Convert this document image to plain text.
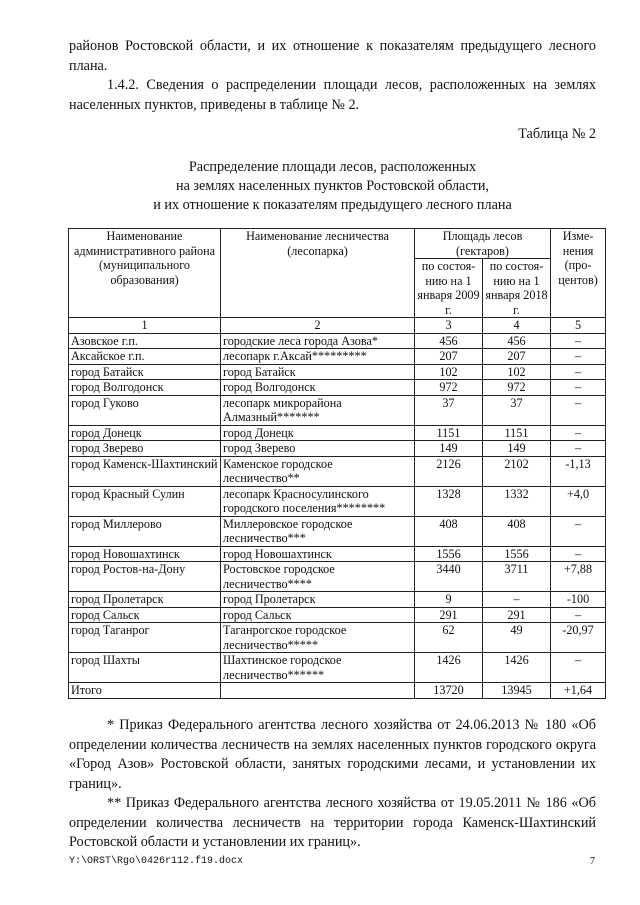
районов Ростовской области, и их отношение к показателям предыдущего лесного плана.

1.4.2. Сведения о распределении площади лесов, расположенных на землях населенных пунктов, приведены в таблице № 2.

Таблица № 2
Распределение площади лесов, расположенных
на землях населенных пунктов Ростовской области,
и их отношение к показателям предыдущего лесного плана
Наименование административного района (муниципального образования)	Наименование лесничества (лесопарка)	Площадь лесов (гектаров)		Изме-нения (про-центов)
		по состоя-нию на 1 января 2009 г.	по состоя-нию на 1 января 2018 г.	
1	2	3	4	5
Азовское г.п.	городские леса города Азова*	456	456	–
Аксайское г.п.	лесопарк г.Аксай*********	207	207	–
город Батайск	город Батайск	102	102	–
город Волгодонск	город Волгодонск	972	972	–
город Гуково	лесопарк микрорайона Алмазный*******	37	37	–
город Донецк	город Донецк	1151	1151	–
город Зверево	город Зверево	149	149	–
город Каменск-Шахтинский	Каменское городское лесничество**	2126	2102	-1,13
город Красный Сулин	лесопарк Красносулинского городского поселения********	1328	1332	+4,0
город Миллерово	Миллеровское городское лесничество***	408	408	–
город Новошахтинск	город Новошахтинск	1556	1556	–
город Ростов-на-Дону	Ростовское городское лесничество****	3440	3711	+7,88
город Пролетарск	город Пролетарск	9	–	-100
город Сальск	город Сальск	291	291	–
город Таганрог	Таганрогское городское лесничество*****	62	49	-20,97
город Шахты	Шахтинское городское лесничество******	1426	1426	–
Итого		13720	13945	+1,64

* Приказ Федерального агентства лесного хозяйства от 24.06.2013 № 180 «Об определении количества лесничеств на землях населенных пунктов городского округа «Город Азов» Ростовской области, занятых городскими лесами, и установлении их границ».

** Приказ Федерального агентства лесного хозяйства от 19.05.2011 № 186 «Об определении количества лесничеств на территории города Каменск-Шахтинский Ростовской области и установлении их границ».

Y:\ORST\Rgo\0426r112.f19.docx	7
